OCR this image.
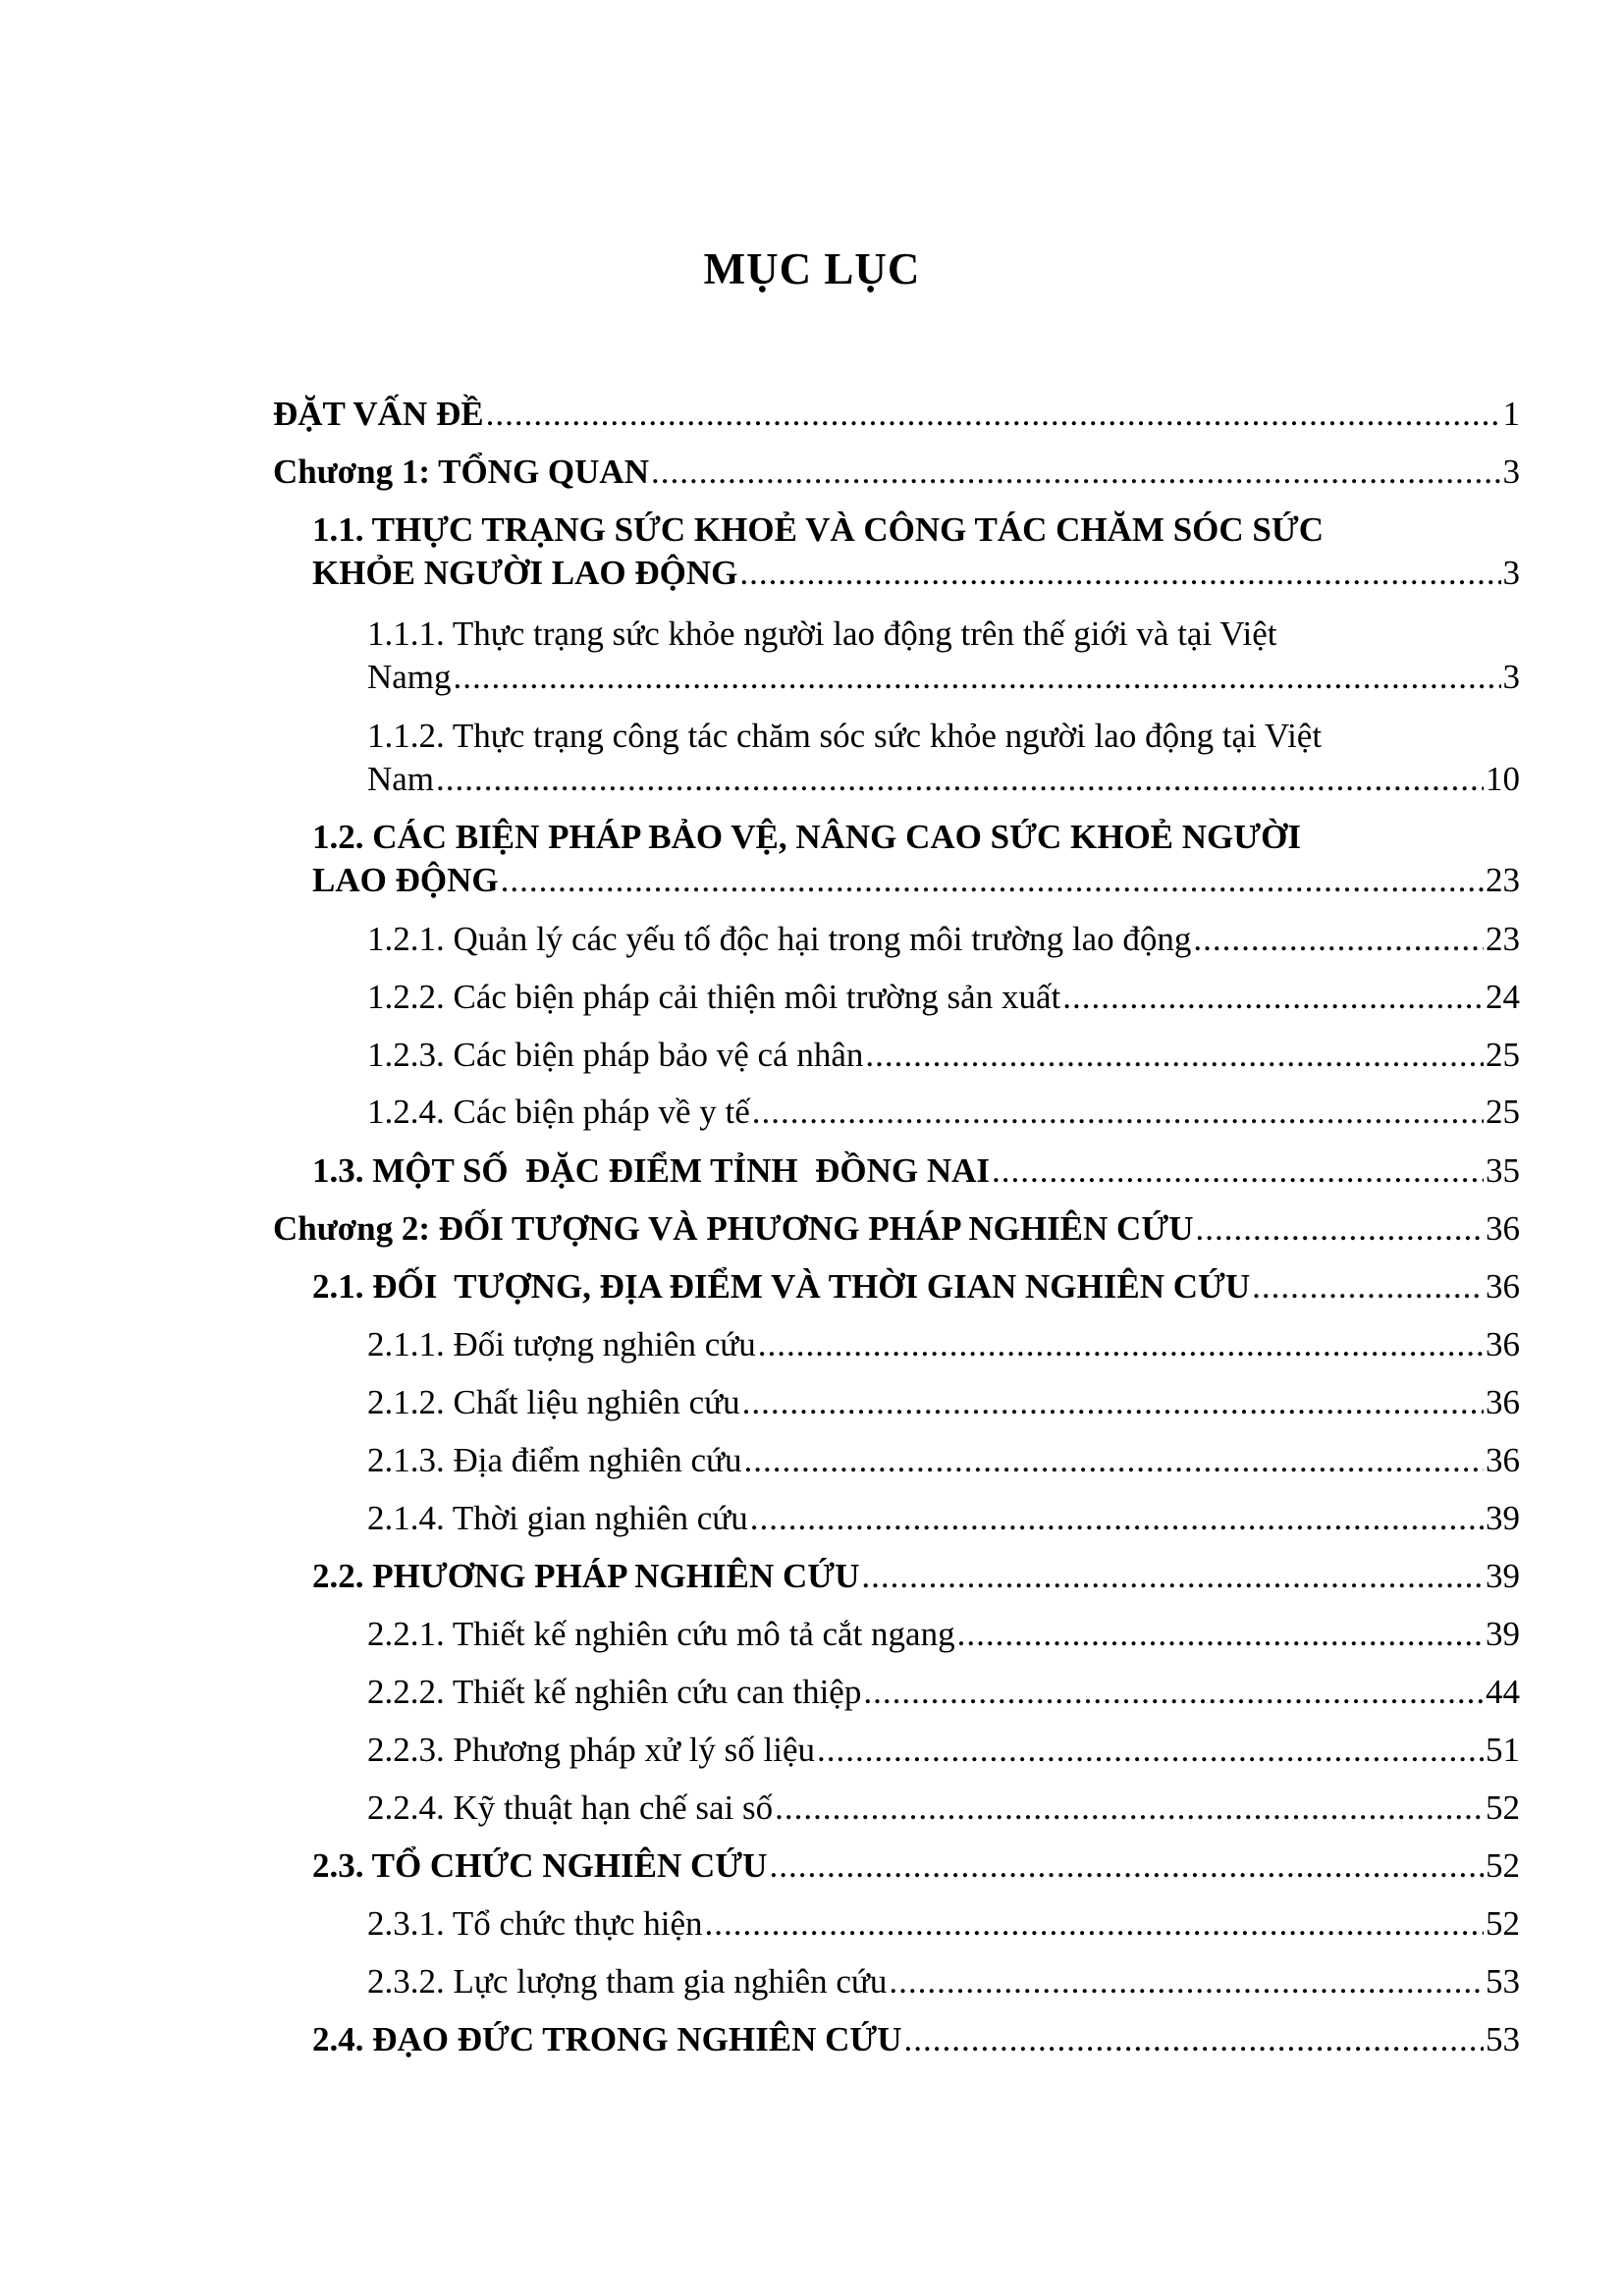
MỤC LỤC
ĐẶT VẤN ĐỀ .....	1
Chương 1: TỔNG QUAN .....	3
1.1. THỰC TRẠNG SỨC KHOẺ VÀ CÔNG TÁC CHĂM SÓC SỨC
KHỎE NGƯỜI LAO ĐỘNG .....	3
1.1.1. Thực trạng sức khỏe người lao động trên thế giới và tại Việt
Namg .....	3
1.1.2. Thực trạng công tác chăm sóc sức khỏe người lao động tại Việt
Nam .....	10
1.2. CÁC BIỆN PHÁP BẢO VỆ, NÂNG CAO SỨC KHOẺ NGƯỜI
LAO ĐỘNG .....	23
1.2.1. Quản lý các yếu tố độc hại trong môi trường lao động .....	23
1.2.2. Các biện pháp cải thiện môi trường sản xuất .....	24
1.2.3. Các biện pháp bảo vệ cá nhân .....	25
1.2.4. Các biện pháp về y tế .....	25
1.3. MỘT SỐ  ĐẶC ĐIỂM TỈNH  ĐỒNG NAI .....	35
Chương 2: ĐỐI TƯỢNG VÀ PHƯƠNG PHÁP NGHIÊN CỨU .....	36
2.1. ĐỐI  TƯỢNG, ĐỊA ĐIỂM VÀ THỜI GIAN NGHIÊN CỨU .....	36
2.1.1. Đối tượng nghiên cứu .....	36
2.1.2. Chất liệu nghiên cứu .....	36
2.1.3. Địa điểm nghiên cứu .....	36
2.1.4. Thời gian nghiên cứu .....	39
2.2. PHƯƠNG PHÁP NGHIÊN CỨU .....	39
2.2.1. Thiết kế nghiên cứu mô tả cắt ngang .....	39
2.2.2. Thiết kế nghiên cứu can thiệp .....	44
2.2.3. Phương pháp xử lý số liệu .....	51
2.2.4. Kỹ thuật hạn chế sai số .....	52
2.3. TỔ CHỨC NGHIÊN CỨU .....	52
2.3.1. Tổ chức thực hiện .....	52
2.3.2. Lực lượng tham gia nghiên cứu .....	53
2.4. ĐẠO ĐỨC TRONG NGHIÊN CỨU .....	53
